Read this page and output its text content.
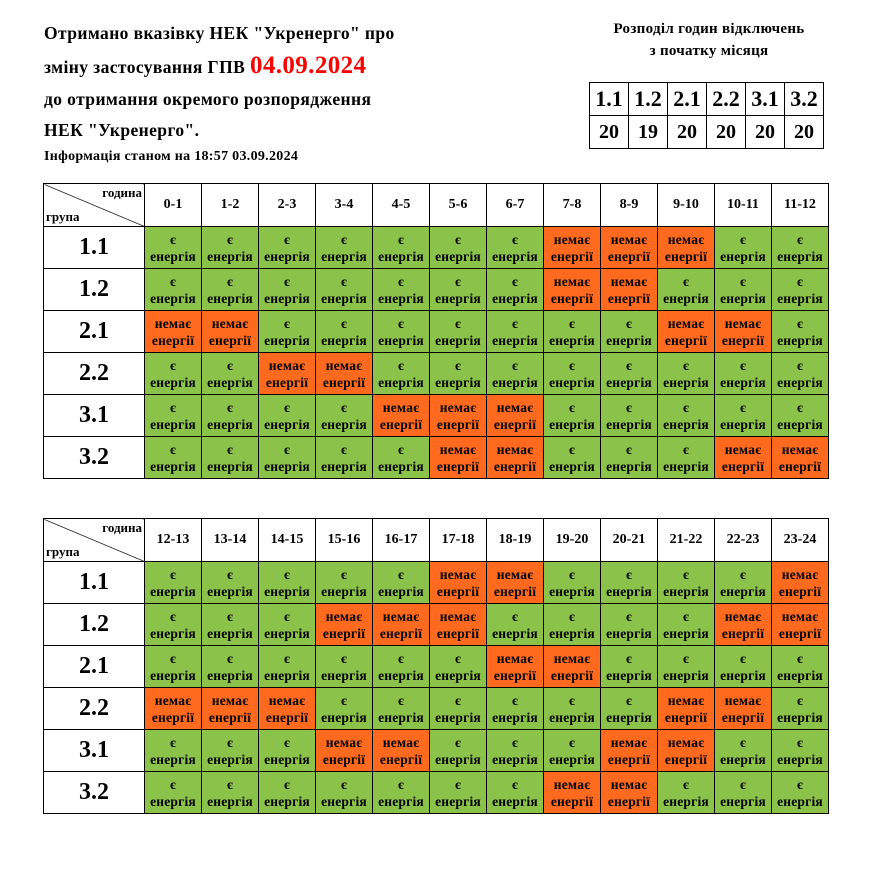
Отримано вказівку НЕК "Укренерго" про
зміну застосування ГПВ 04.09.2024
до отримання окремого розпорядження
НЕК "Укренерго".
Інформація станом на 18:57 03.09.2024
Розподіл годин відключень
з початку місяця
1.1	1.2	2.1	2.2	3.1	3.2
20	19	20	20	20	20
година
група	0-1	1-2	2-3	3-4	4-5	5-6	6-7	7-8	8-9	9-10	10-11	11-12
1.1	є
енергія	є
енергія	є
енергія	є
енергія	є
енергія	є
енергія	є
енергія	немає
енергії	немає
енергії	немає
енергії	є
енергія	є
енергія

1.2	є
енергія	є
енергія	є
енергія	є
енергія	є
енергія	є
енергія	є
енергія	немає
енергії	немає
енергії	є
енергія	є
енергія	є
енергія

2.1	немає
енергії	немає
енергії	є
енергія	є
енергія	є
енергія	є
енергія	є
енергія	є
енергія	є
енергія	немає
енергії	немає
енергії	є
енергія

2.2	є
енергія	є
енергія	немає
енергії	немає
енергії	є
енергія	є
енергія	є
енергія	є
енергія	є
енергія	є
енергія	є
енергія	є
енергія

3.1	є
енергія	є
енергія	є
енергія	є
енергія	немає
енергії	немає
енергії	немає
енергії	є
енергія	є
енергія	є
енергія	є
енергія	є
енергія

3.2	є
енергія	є
енергія	є
енергія	є
енергія	є
енергія	немає
енергії	немає
енергії	є
енергія	є
енергія	є
енергія	немає
енергії	немає
енергії
година
група	12-13	13-14	14-15	15-16	16-17	17-18	18-19	19-20	20-21	21-22	22-23	23-24
1.1	є
енергія	є
енергія	є
енергія	є
енергія	є
енергія	немає
енергії	немає
енергії	є
енергія	є
енергія	є
енергія	є
енергія	немає
енергії

1.2	є
енергія	є
енергія	є
енергія	немає
енергії	немає
енергії	немає
енергії	є
енергія	є
енергія	є
енергія	є
енергія	немає
енергії	немає
енергії

2.1	є
енергія	є
енергія	є
енергія	є
енергія	є
енергія	є
енергія	немає
енергії	немає
енергії	є
енергія	є
енергія	є
енергія	є
енергія

2.2	немає
енергії	немає
енергії	немає
енергії	є
енергія	є
енергія	є
енергія	є
енергія	є
енергія	є
енергія	немає
енергії	немає
енергії	є
енергія

3.1	є
енергія	є
енергія	є
енергія	немає
енергії	немає
енергії	є
енергія	є
енергія	є
енергія	немає
енергії	немає
енергії	є
енергія	є
енергія

3.2	є
енергія	є
енергія	є
енергія	є
енергія	є
енергія	є
енергія	є
енергія	немає
енергії	немає
енергії	є
енергія	є
енергія	є
енергія
